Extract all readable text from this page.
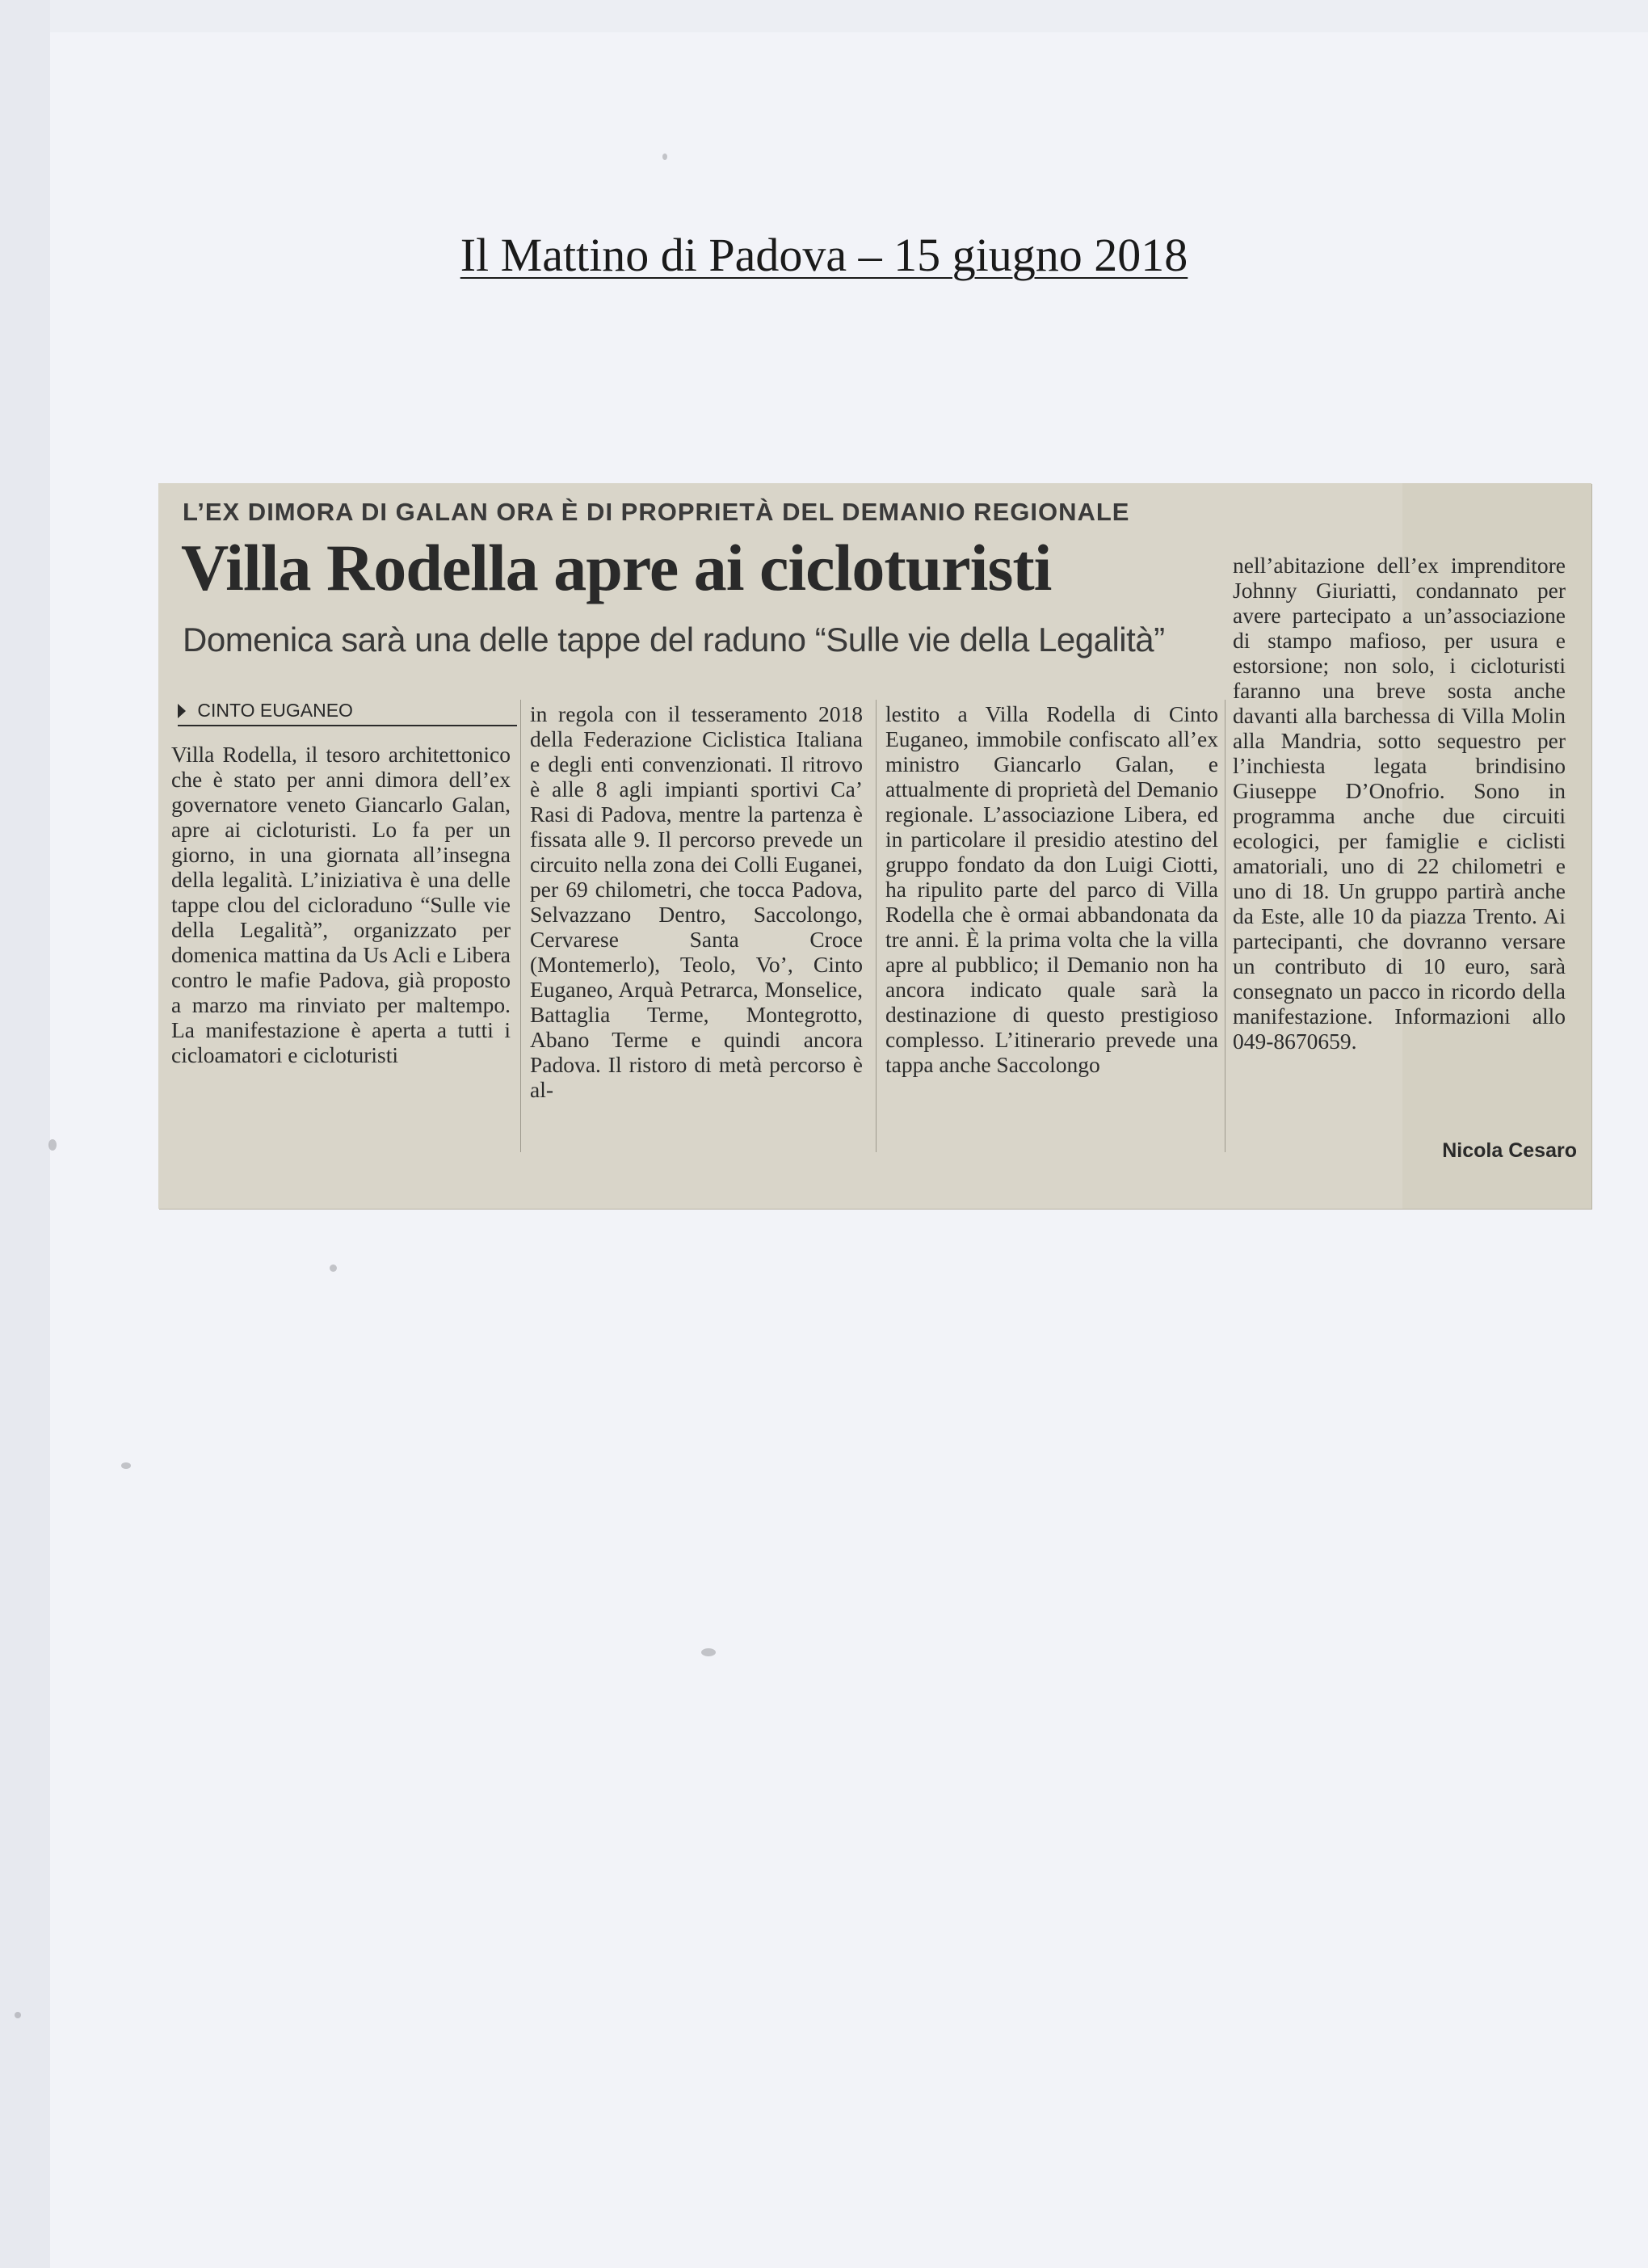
Il Mattino di Padova – 15 giugno 2018
L’EX DIMORA DI GALAN ORA È DI PROPRIETÀ DEL DEMANIO REGIONALE
Villa Rodella apre ai cicloturisti
Domenica sarà una delle tappe del raduno “Sulle vie della Legalità”
CINTO EUGANEO
Villa Rodella, il tesoro architettonico che è stato per anni dimora dell’ex governatore veneto Giancarlo Galan, apre ai cicloturisti. Lo fa per un giorno, in una giornata all’insegna della legalità. L’iniziativa è una delle tappe clou del cicloraduno “Sulle vie della Legalità”, organizzato per domenica mattina da Us Acli e Libera contro le mafie Padova, già proposto a marzo ma rinviato per maltempo. La manifestazione è aperta a tutti i cicloamatori e cicloturisti
in regola con il tesseramento 2018 della Federazione Ciclistica Italiana e degli enti convenzionati. Il ritrovo è alle 8 agli impianti sportivi Ca’ Rasi di Padova, mentre la partenza è fissata alle 9. Il percorso prevede un circuito nella zona dei Colli Euganei, per 69 chilometri, che tocca Padova, Selvazzano Dentro, Saccolongo, Cervarese Santa Croce (Montemerlo), Teolo, Vo’, Cinto Euganeo, Arquà Petrarca, Monselice, Battaglia Terme, Montegrotto, Abano Terme e quindi ancora Padova. Il ristoro di metà percorso è al-
lestito a Villa Rodella di Cinto Euganeo, immobile confiscato all’ex ministro Giancarlo Galan, e attualmente di proprietà del Demanio regionale. L’associazione Libera, ed in particolare il presidio atestino del gruppo fondato da don Luigi Ciotti, ha ripulito parte del parco di Villa Rodella che è ormai abbandonata da tre anni. È la prima volta che la villa apre al pubblico; il Demanio non ha ancora indicato quale sarà la destinazione di questo prestigioso complesso. L’itinerario prevede una tappa anche Saccolongo
nell’abitazione dell’ex imprenditore Johnny Giuriatti, condannato per avere partecipato a un’associazione di stampo mafioso, per usura e estorsione; non solo, i cicloturisti faranno una breve sosta anche davanti alla barchessa di Villa Molin alla Mandria, sotto sequestro per l’inchiesta legata brindisino Giuseppe D’Onofrio. Sono in programma anche due circuiti ecologici, per famiglie e ciclisti amatoriali, uno di 22 chilometri e uno di 18. Un gruppo partirà anche da Este, alle 10 da piazza Trento. Ai partecipanti, che dovranno versare un contributo di 10 euro, sarà consegnato un pacco in ricordo della manifestazione. Informazioni allo 049-8670659.
Nicola Cesaro
